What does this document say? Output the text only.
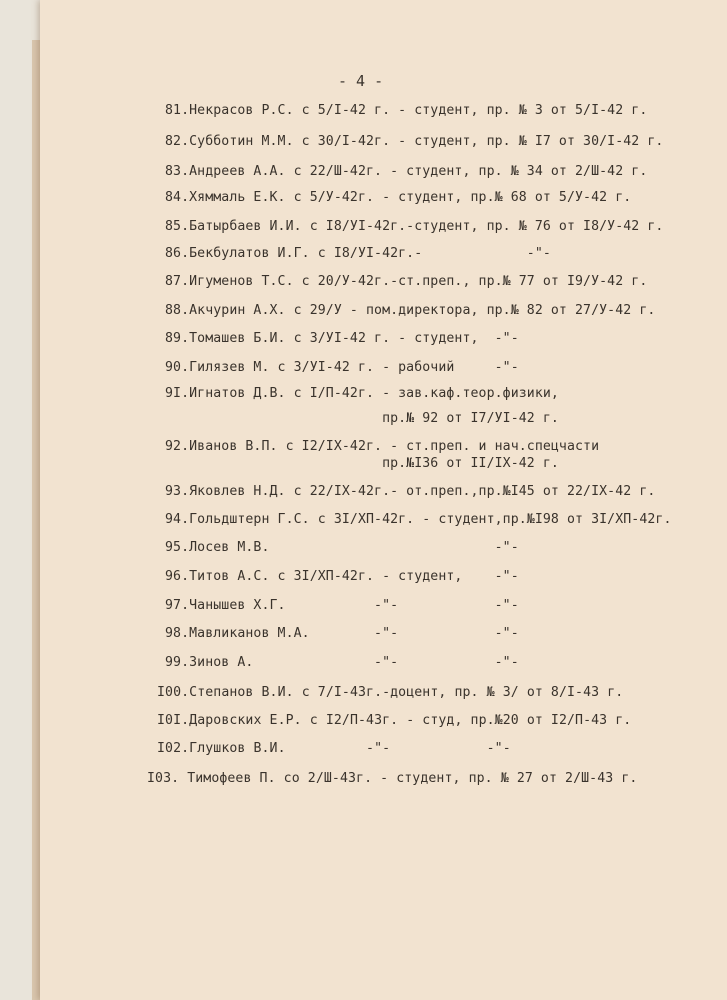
- 4 -
81.Некрасов Р.С. с 5/I-42 г. - студент, пр. № 3 от 5/I-42 г.
82.Субботин М.М. с 30/I-42г. - студент, пр. № I7 от 30/I-42 г.
83.Андреев А.А. с 22/Ш-42г. - студент, пр. № 34 от 2/Ш-42 г.
84.Хяммаль Е.К. с 5/У-42г. - студент, пр.№ 68 от 5/У-42 г.
85.Батырбаев И.И. с I8/УI-42г.-студент, пр. № 76 от I8/У-42 г.
86.Бекбулатов И.Г. с I8/УI-42г.-             -"-
87.Игуменов Т.С. с 20/У-42г.-ст.преп., пр.№ 77 от I9/У-42 г.
88.Акчурин А.Х. с 29/У - пом.директора, пр.№ 82 от 27/У-42 г.
89.Томашев Б.И. с 3/УI-42 г. - студент,  -"-
90.Гилязев М. с 3/УI-42 г. - рабочий     -"-
9I.Игнатов Д.В. с I/П-42г. - зав.каф.теор.физики,
пр.№ 92 от I7/УI-42 г.
92.Иванов В.П. с I2/IX-42г. - ст.преп. и нач.спецчасти
пр.№I36 от II/IX-42 г.
93.Яковлев Н.Д. с 22/IX-42г.- от.преп.,пр.№I45 от 22/IX-42 г.
94.Гольдштерн Г.С. с 3I/XП-42г. - студент,пр.№I98 от 3I/XП-42г.
95.Лосев М.В.                            -"-
96.Титов А.С. с 3I/XП-42г. - студент,    -"-
97.Чанышев Х.Г.           -"-            -"-
98.Мавликанов М.А.        -"-            -"-
99.Зинов А.               -"-            -"-
I00.Степанов В.И. с 7/I-43г.-доцент, пр. № 3/ от 8/I-43 г.
I0I.Даровских Е.Р. с I2/П-43г. - студ, пр.№20 от I2/П-43 г.
I02.Глушков В.И.          -"-            -"-
I03. Тимофеев П. со 2/Ш-43г. - студент, пр. № 27 от 2/Ш-43 г.
